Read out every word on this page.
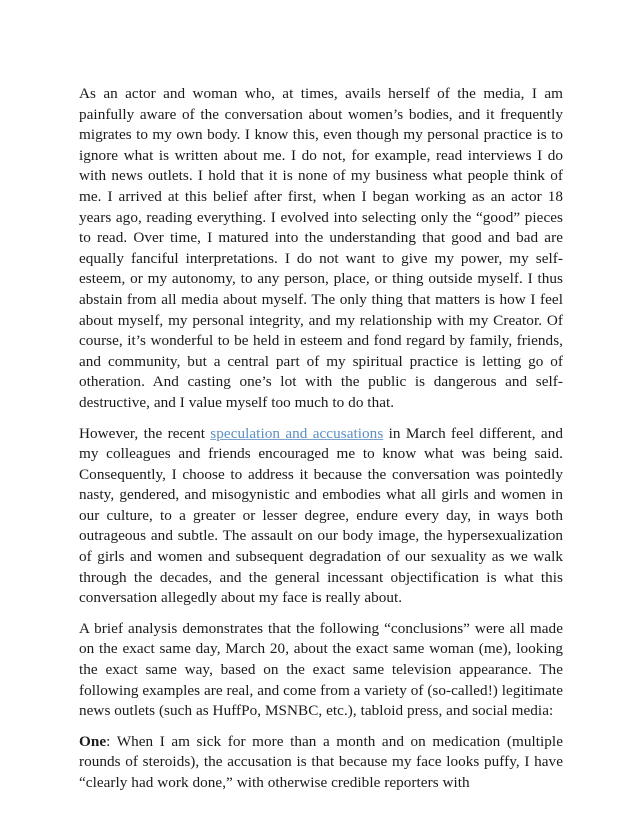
As an actor and woman who, at times, avails herself of the media, I am painfully aware of the conversation about women’s bodies, and it frequently migrates to my own body. I know this, even though my personal practice is to ignore what is written about me. I do not, for example, read interviews I do with news outlets. I hold that it is none of my business what people think of me. I arrived at this belief after first, when I began working as an actor 18 years ago, reading everything. I evolved into selecting only the “good” pieces to read. Over time, I matured into the understanding that good and bad are equally fanciful interpretations. I do not want to give my power, my self-esteem, or my autonomy, to any person, place, or thing outside myself. I thus abstain from all media about myself. The only thing that matters is how I feel about myself, my personal integrity, and my relationship with my Creator. Of course, it’s wonderful to be held in esteem and fond regard by family, friends, and community, but a central part of my spiritual practice is letting go of otheration. And casting one’s lot with the public is dangerous and self-destructive, and I value myself too much to do that.

However, the recent speculation and accusations in March feel different, and my colleagues and friends encouraged me to know what was being said. Consequently, I choose to address it because the conversation was pointedly nasty, gendered, and misogynistic and embodies what all girls and women in our culture, to a greater or lesser degree, endure every day, in ways both outrageous and subtle. The assault on our body image, the hypersexualization of girls and women and subsequent degradation of our sexuality as we walk through the decades, and the general incessant objectification is what this conversation allegedly about my face is really about.

A brief analysis demonstrates that the following “conclusions” were all made on the exact same day, March 20, about the exact same woman (me), looking the exact same way, based on the exact same television appearance. The following examples are real, and come from a variety of (so-called!) legitimate news outlets (such as HuffPo, MSNBC, etc.), tabloid press, and social media:

One: When I am sick for more than a month and on medication (multiple rounds of steroids), the accusation is that because my face looks puffy, I have “clearly had work done,” with otherwise credible reporters with
